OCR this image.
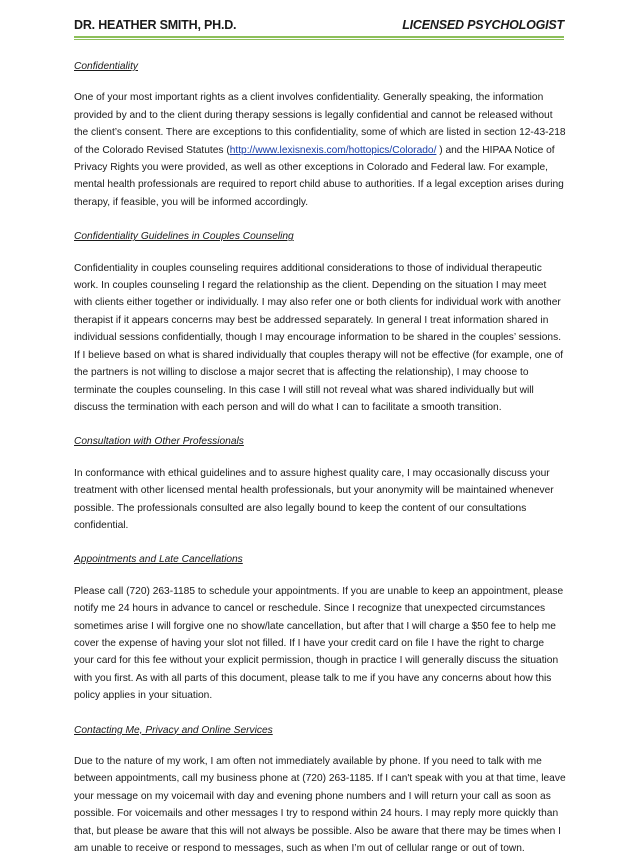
DR. HEATHER SMITH, PH.D.	LICENSED PSYCHOLOGIST
Confidentiality
One of your most important rights as a client involves confidentiality. Generally speaking, the information provided by and to the client during therapy sessions is legally confidential and cannot be released without the client’s consent. There are exceptions to this confidentiality, some of which are listed in section 12-43-218 of the Colorado Revised Statutes (http://www.lexisnexis.com/hottopics/Colorado/ ) and the HIPAA Notice of Privacy Rights you were provided, as well as other exceptions in Colorado and Federal law. For example, mental health professionals are required to report child abuse to authorities. If a legal exception arises during therapy, if feasible, you will be informed accordingly.
Confidentiality Guidelines in Couples Counseling
Confidentiality in couples counseling requires additional considerations to those of individual therapeutic work. In couples counseling I regard the relationship as the client. Depending on the situation I may meet with clients either together or individually. I may also refer one or both clients for individual work with another therapist if it appears concerns may best be addressed separately. In general I treat information shared in individual sessions confidentially, though I may encourage information to be shared in the couples’ sessions. If I believe based on what is shared individually that couples therapy will not be effective (for example, one of the partners is not willing to disclose a major secret that is affecting the relationship), I may choose to terminate the couples counseling. In this case I will still not reveal what was shared individually but will discuss the termination with each person and will do what I can to facilitate a smooth transition.
Consultation with Other Professionals
In conformance with ethical guidelines and to assure highest quality care, I may occasionally discuss your treatment with other licensed mental health professionals, but your anonymity will be maintained whenever possible. The professionals consulted are also legally bound to keep the content of our consultations confidential.
Appointments and Late Cancellations
Please call (720) 263-1185 to schedule your appointments. If you are unable to keep an appointment, please notify me 24 hours in advance to cancel or reschedule. Since I recognize that unexpected circumstances sometimes arise I will forgive one no show/late cancellation, but after that I will charge a $50 fee to help me cover the expense of having your slot not filled. If I have your credit card on file I have the right to charge your card for this fee without your explicit permission, though in practice I will generally discuss the situation with you first. As with all parts of this document, please talk to me if you have any concerns about how this policy applies in your situation.
Contacting Me, Privacy and Online Services
Due to the nature of my work, I am often not immediately available by phone. If you need to talk with me between appointments, call my business phone at (720) 263-1185. If I can't speak with you at that time, leave your message on my voicemail with day and evening phone numbers and I will return your call as soon as possible. For voicemails and other messages I try to respond within 24 hours. I may reply more quickly than that, but please be aware that this will not always be possible. Also be aware that there may be times when I am unable to receive or respond to messages, such as when I’m out of cellular range or out of town.
